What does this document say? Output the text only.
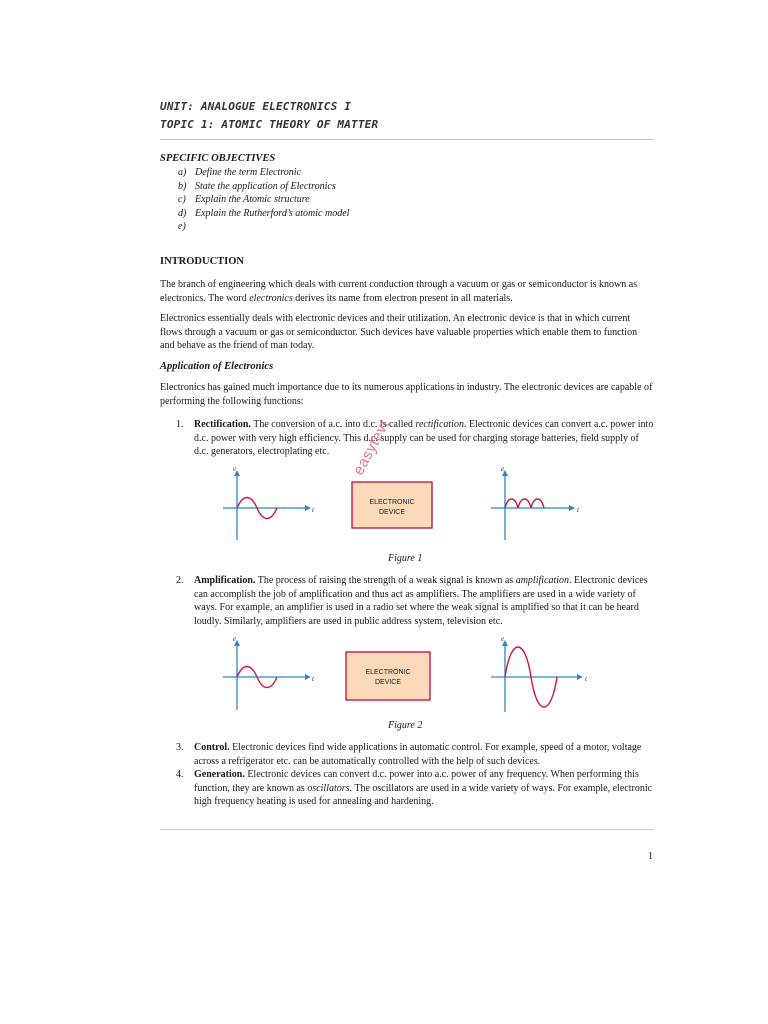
UNIT: ANALOGUE ELECTRONICS I
TOPIC 1: ATOMIC THEORY OF MATTER
SPECIFIC OBJECTIVES
a) Define the term Electronic
b) State the application of Electronics
c) Explain the Atomic structure
d) Explain the Rutherford’s atomic model
e)
INTRODUCTION

The branch of engineering which deals with current conduction through a vacuum or gas or semiconductor is known as electronics. The word electronics derives its name from electron present in all materials.

Electronics essentially deals with electronic devices and their utilization. An electronic device is that in which current flows through a vacuum or gas or semiconductor. Such devices have valuable properties which enable them to function and behave as the friend of man today.

Application of Electronics

Electronics has gained much importance due to its numerous applications in industry. The electronic devices are capable of performing the following functions:

1. Rectification. The conversion of a.c. into d.c. is called rectification. Electronic devices can convert a.c. power into d.c. power with very high efficiency. This d.c. supply can be used for charging storage batteries, field supply of d.c. generators, electroplating etc.
e
t
ELECTRONIC
DEVICE
e
t
Figure 1
2. Amplification. The process of raising the strength of a weak signal is known as amplification. Electronic devices can accomplish the job of amplification and thus act as amplifiers. The amplifiers are used in a wide variety of ways. For example, an amplifier is used in a radio set where the weak signal is amplified so that it can be heard loudly. Similarly, amplifiers are used in public address system, television etc.
e
t
ELECTRONIC
DEVICE
e
t
Figure 2
3. Control. Electronic devices find wide applications in automatic control. For example, speed of a motor, voltage across a refrigerator etc. can be automatically controlled with the help of such devices.
4. Generation. Electronic devices can convert d.c. power into a.c. power of any frequency. When performing this function, they are known as oscillators. The oscillators are used in a wide variety of ways. For example, electronic high frequency heating is used for annealing and hardening.
1
easytevt
